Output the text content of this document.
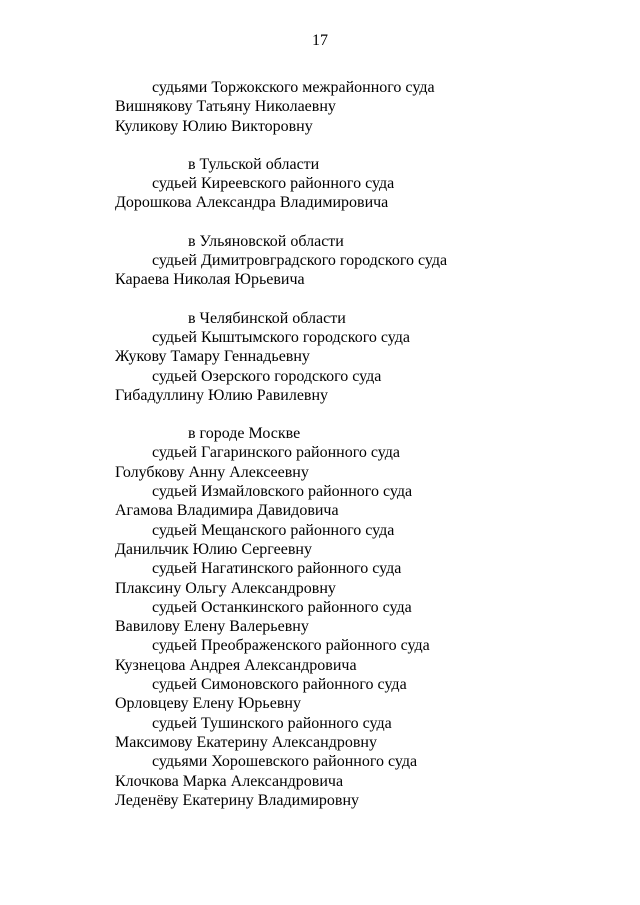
17
судьями Торжокского межрайонного суда
Вишнякову Татьяну Николаевну
Куликову Юлию Викторовну
в Тульской области
судьей Киреевского районного суда
Дорошкова Александра Владимировича
в Ульяновской области
судьей Димитровградского городского суда
Караева Николая Юрьевича
в Челябинской области
судьей Кыштымского городского суда
Жукову Тамару Геннадьевну
судьей Озерского городского суда
Гибадуллину Юлию Равилевну
в городе Москве
судьей Гагаринского районного суда
Голубкову Анну Алексеевну
судьей Измайловского районного суда
Агамова Владимира Давидовича
судьей Мещанского районного суда
Данильчик Юлию Сергеевну
судьей Нагатинского районного суда
Плаксину Ольгу Александровну
судьей Останкинского районного суда
Вавилову Елену Валерьевну
судьей Преображенского районного суда
Кузнецова Андрея Александровича
судьей Симоновского районного суда
Орловцеву Елену Юрьевну
судьей Тушинского районного суда
Максимову Екатерину Александровну
судьями Хорошевского районного суда
Клочкова Марка Александровича
Леденёву Екатерину Владимировну
